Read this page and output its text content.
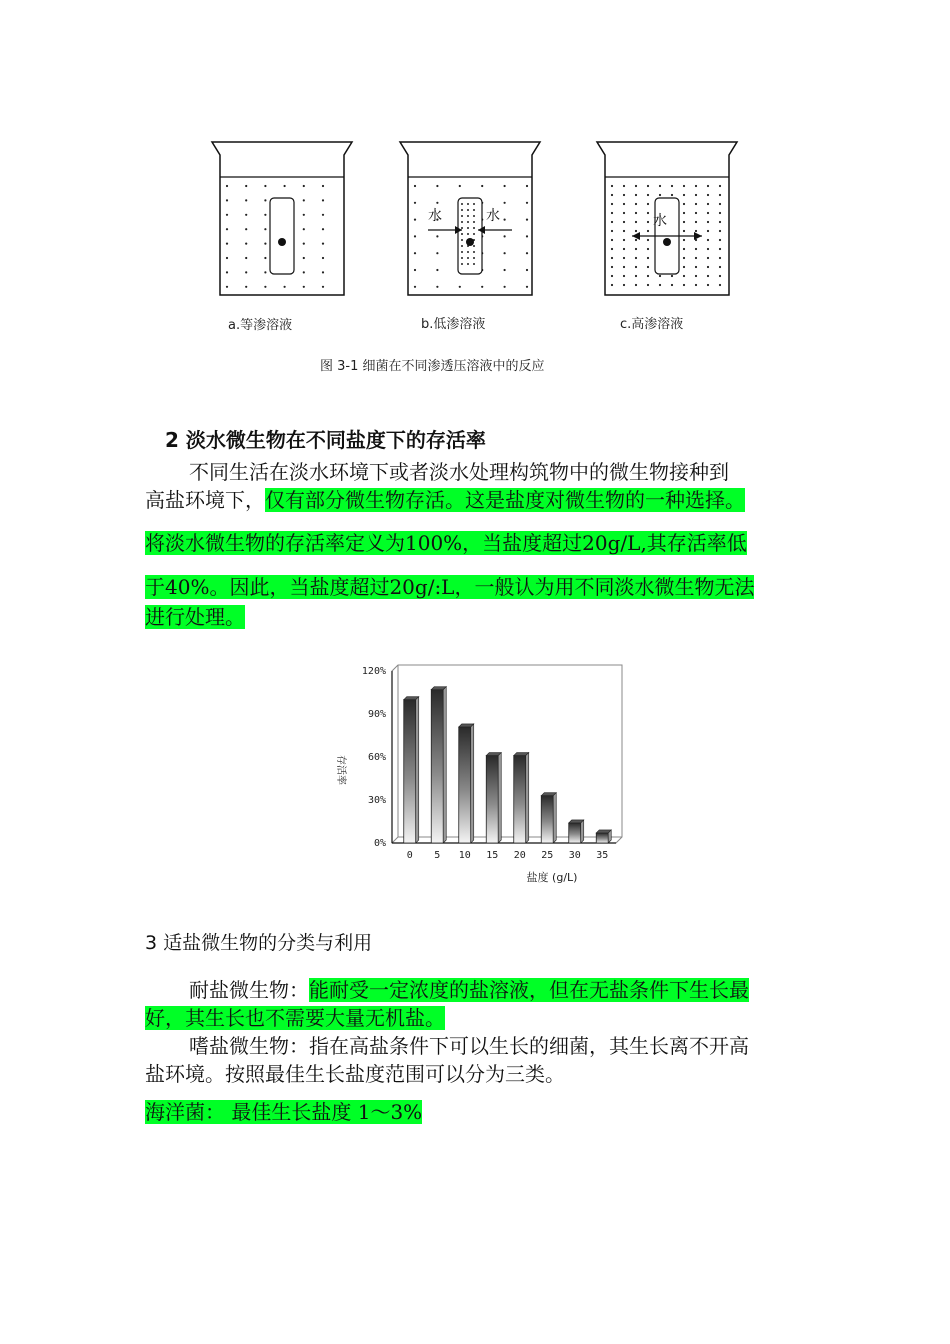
a.等渗溶液	b.低渗溶液	c.高渗溶液
水	水	水
图 3-1 细菌在不同渗透压溶液中的反应
2 淡水微生物在不同盐度下的存活率
不同生活在淡水环境下或者淡水处理构筑物中的微生物接种到
高盐环境下，仅有部分微生物存活。这是盐度对微生物的一种选择。
将淡水微生物的存活率定义为100%，当盐度超过20g/L,其存活率低
于40%。因此，当盐度超过20g/:L，一般认为用不同淡水微生物无法
进行处理。
0%
30%
60%
90%
120%
0 5 10 15 20 25 30 35
存活率
盐度 (g/L)
3 适盐微生物的分类与利用
耐盐微生物：能耐受一定浓度的盐溶液，但在无盐条件下生长最
好，其生长也不需要大量无机盐。
嗜盐微生物：指在高盐条件下可以生长的细菌，其生长离不开高
盐环境。按照最佳生长盐度范围可以分为三类。
海洋菌： 最佳生长盐度 1～3%
